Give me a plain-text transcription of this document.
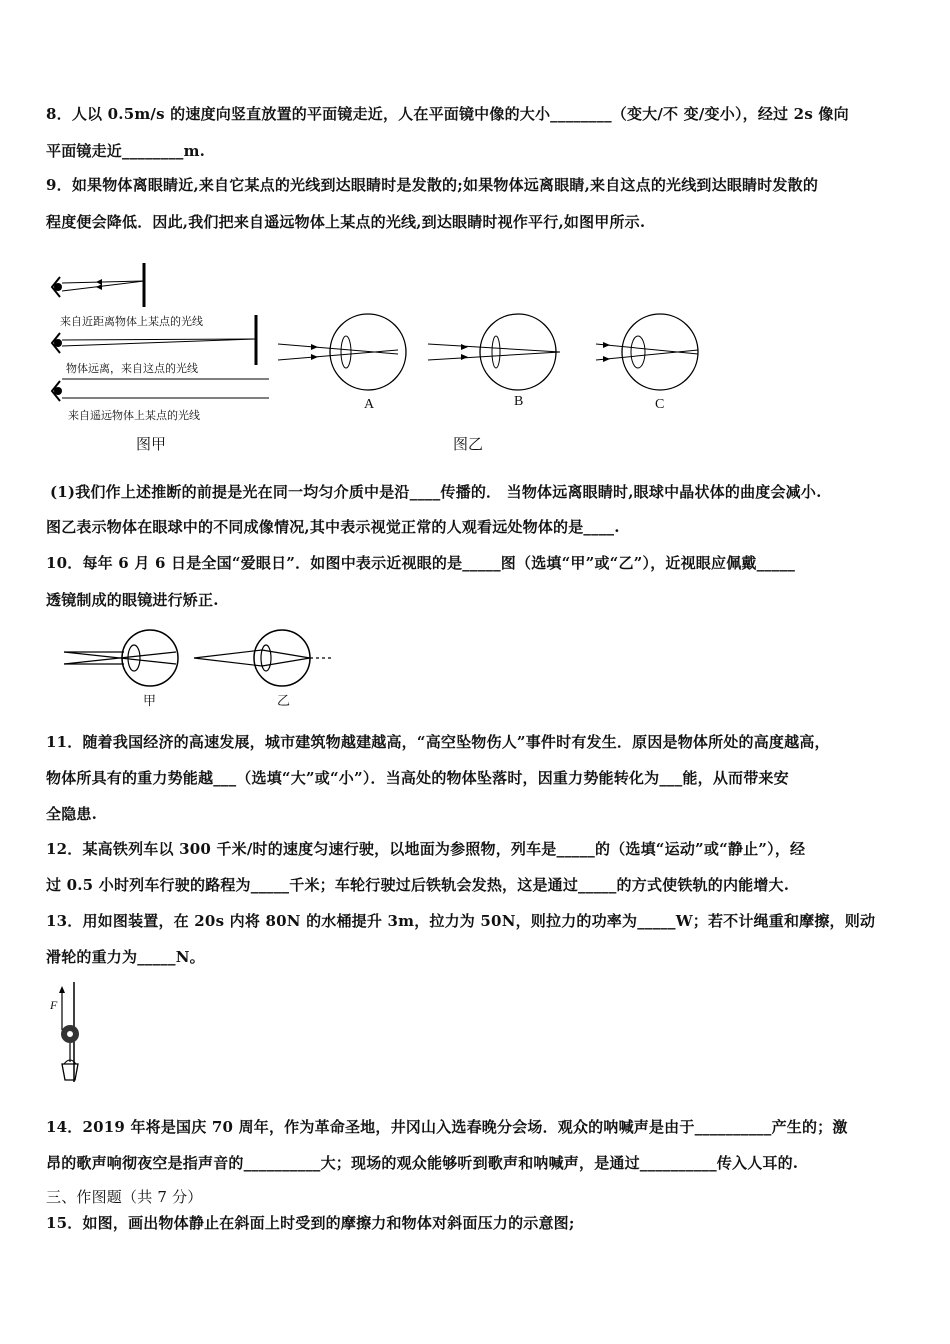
8．人以 0.5m/s 的速度向竖直放置的平面镜走近，人在平面镜中像的大小________（变大/不 变/变小），经过 2s 像向
平面镜走近________m.
9．如果物体离眼睛近,来自它某点的光线到达眼睛时是发散的;如果物体远离眼睛,来自这点的光线到达眼睛时发散的
程度便会降低．因此,我们把来自遥远物体上某点的光线,到达眼睛时视作平行,如图甲所示.
来自近距离物体上某点的光线
物体远离，来自这点的光线
来自遥远物体上某点的光线
图甲
A	B	C
图乙
(1)我们作上述推断的前提是光在同一均匀介质中是沿____传播的． 当物体远离眼睛时,眼球中晶状体的曲度会减小.
图乙表示物体在眼球中的不同成像情况,其中表示视觉正常的人观看远处物体的是____.
10．每年 6 月 6 日是全国“爱眼日”．如图中表示近视眼的是_____图（选填“甲”或“乙”），近视眼应佩戴_____
透镜制成的眼镜进行矫正.
甲	乙
11．随着我国经济的高速发展，城市建筑物越建越高，“高空坠物伤人”事件时有发生．原因是物体所处的高度越高，
物体所具有的重力势能越___（选填“大”或“小”）．当高处的物体坠落时，因重力势能转化为___能，从而带来安
全隐患.
12．某高铁列车以 300 千米/时的速度匀速行驶，以地面为参照物，列车是_____的（选填“运动”或“静止”），经
过 0.5 小时列车行驶的路程为_____千米；车轮行驶过后铁轨会发热，这是通过_____的方式使铁轨的内能增大.
13．用如图装置，在 20s 内将 80N 的水桶提升 3m，拉力为 50N，则拉力的功率为_____W；若不计绳重和摩擦，则动
滑轮的重力为_____N。
F
14．2019 年将是国庆 70 周年，作为革命圣地，井冈山入选春晚分会场．观众的呐喊声是由于__________产生的；激
昂的歌声响彻夜空是指声音的__________大；现场的观众能够听到歌声和呐喊声，是通过__________传入人耳的.
三、作图题（共 7 分）
15．如图，画出物体静止在斜面上时受到的摩擦力和物体对斜面压力的示意图;
